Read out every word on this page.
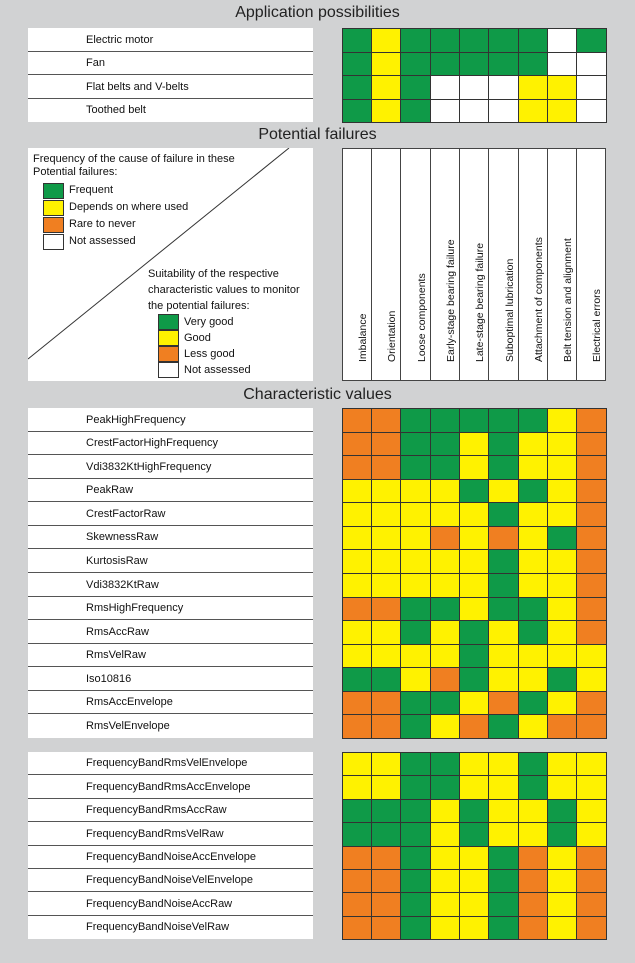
Application possibilities
Potential failures
Characteristic values
Frequency of the cause of failure in these
Potential failures:
Frequent
Depends on where used
Rare to never
Not assessed
Suitability of the respective
characteristic values to monitor
the potential failures:
Very good
Good
Less good
Not assessed
Imbalance Orientation Loose components Early-stage bearing failure Late-stage bearing failure Suboptimal lubrication Attachment of components Belt tension and alignment Electrical errors
Electric motor
Fan
Flat belts and V-belts
Toothed belt
PeakHighFrequency
CrestFactorHighFrequency
Vdi3832KtHighFrequency
PeakRaw
CrestFactorRaw
SkewnessRaw
KurtosisRaw
Vdi3832KtRaw
RmsHighFrequency
RmsAccRaw
RmsVelRaw
Iso10816
RmsAccEnvelope
RmsVelEnvelope
FrequencyBandRmsVelEnvelope
FrequencyBandRmsAccEnvelope
FrequencyBandRmsAccRaw
FrequencyBandRmsVelRaw
FrequencyBandNoiseAccEnvelope
FrequencyBandNoiseVelEnvelope
FrequencyBandNoiseAccRaw
FrequencyBandNoiseVelRaw
